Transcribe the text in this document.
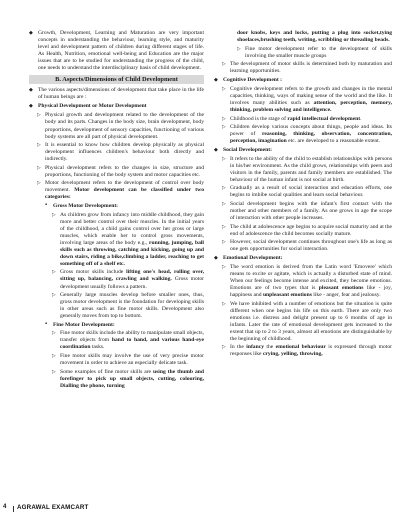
◆ Growth, Development, Learning and Maturation are very important concepts in understanding the behaviour, learning style, and maturity level and development pattern of children during different stages of life. As Health, Nutrition, emotional well-being and Education are the major issues that are to be studied for understanding the progress of the child, one needs to understand the interdisciplinary basis of child development.
B. Aspects/Dimensions of Child Development
◆ The various aspects/dimensions of development that take place in the life of human beings are :
◆ Physical Development or Motor Development
▷ Physical growth and development related to the development of the body and its parts. Changes in the body size, brain development, body proportions, development of sensory capacities, functioning of various body systems are all part of physical development.
▷ It is essential to know how children develop physically as physical development influences children's behaviour both directly and indirectly.
▷ Physical development refers to the changes in size, structure and proportions, functioning of the body system and motor capacities etc.
▷ Motor development refers to the development of control over body movement. Motor development can be classified under two categories:
▪ Gross Motor Development:
▷ As children grow from infancy into middle childhood, they gain more and better control over their muscles. In the initial years of the childhood, a child gains control over her gross or large muscles, which enable her to control gross movements, involving large areas of the body e.g., running, jumping, ball skills such as throwing, catching and kicking, going up and down stairs, riding a bike,climbing a ladder, reaching to get something off of a shelf etc.
▷ Gross motor skills include lifting one's head, rolling over, sitting up, balancing, crawling and walking. Gross motor development usually follows a pattern.
▷ Generally large muscles develop before smaller ones, thus, gross motor development is the foundation for developing skills in other areas such as fine motor skills. Development also generally moves from top to bottom.
▪ Fine Motor Development:
▷ Fine motor skills include the ability to manipulate small objects, transfer objects from hand to hand, and various hand-eye coordination tasks.
▷ Fine motor skills may involve the use of very precise motor movement in order to achieve an especially delicate task.
▷ Some examples of fine motor skills are using the thumb and forefinger to pick up small objects, cutting, colouring, Dialling the phone, turning
door knobs, keys and locks, putting a plug into socket,tying shoelaces,brushing teeth, writing, scribbling or threading beads.
▷ Fine motor development refer to the development of skills involving the smaller muscle groups
▷ The development of motor skills is determined both by maturation and learning opportunities.
◆ Cognitive Development :
▷ Cognitive development refers to the growth and changes in the mental capacities, thinking, ways of making sense of the world and the like. It involves many abilities such as attention, perception, memory, thinking, problem solving and intelligence.
▷ Childhood is the stage of rapid intellectual development.
▷ Children develop various concepts about things, people and ideas. Its power of reasoning, thinking, observation, concentration, perception, imagination etc. are developed to a reasonable extent.
◆ Social Development:
▷ It refers to the ability of the child to establish relationships with persons in his/her environment. As the child grows, relationships with peers and visitors in the family, parents and family members are established. The behaviour of the human infant is not social at birth.
▷ Gradually as a result of social interaction and education efforts, one begins to imbibe social qualities and learn social behaviour.
▷ Social development begins with the infant's first contact with the mother and other members of a family. As one grows in age the scope of interaction with other people increases.
▷ The child at adolescence age begins to acquire social maturity and at the end of adolescence the child becomes socially mature.
▷ However, social development continues throughout one's life as long as one gets opportunities for social interaction.
◆ Emotional Development:
▷ The word emotion is derived from the Latin word 'Emovere' which means to excite or agitate, which is actually a disturbed state of mind. When our feelings become intense and excited, they become emotions. Emotions are of two types that is pleasant emotions like - joy, happiness and unpleasant emotions like - anger, fear and jealousy.
▷ We have inhibited with a number of emotions but the situation is quite different when one begins his life on this earth. There are only two emotions i.e. distress and delight present up to 6 months of age in infants. Later the rate of emotional development gets increased to the extent that up to 2 to 3 years, almost all emotions are distinguishable by the beginning of childhood.
▷ In the infancy the emotional behaviour is expressed through motor responses like crying, yelling, throwing,
4 AGRAWAL EXAMCART
